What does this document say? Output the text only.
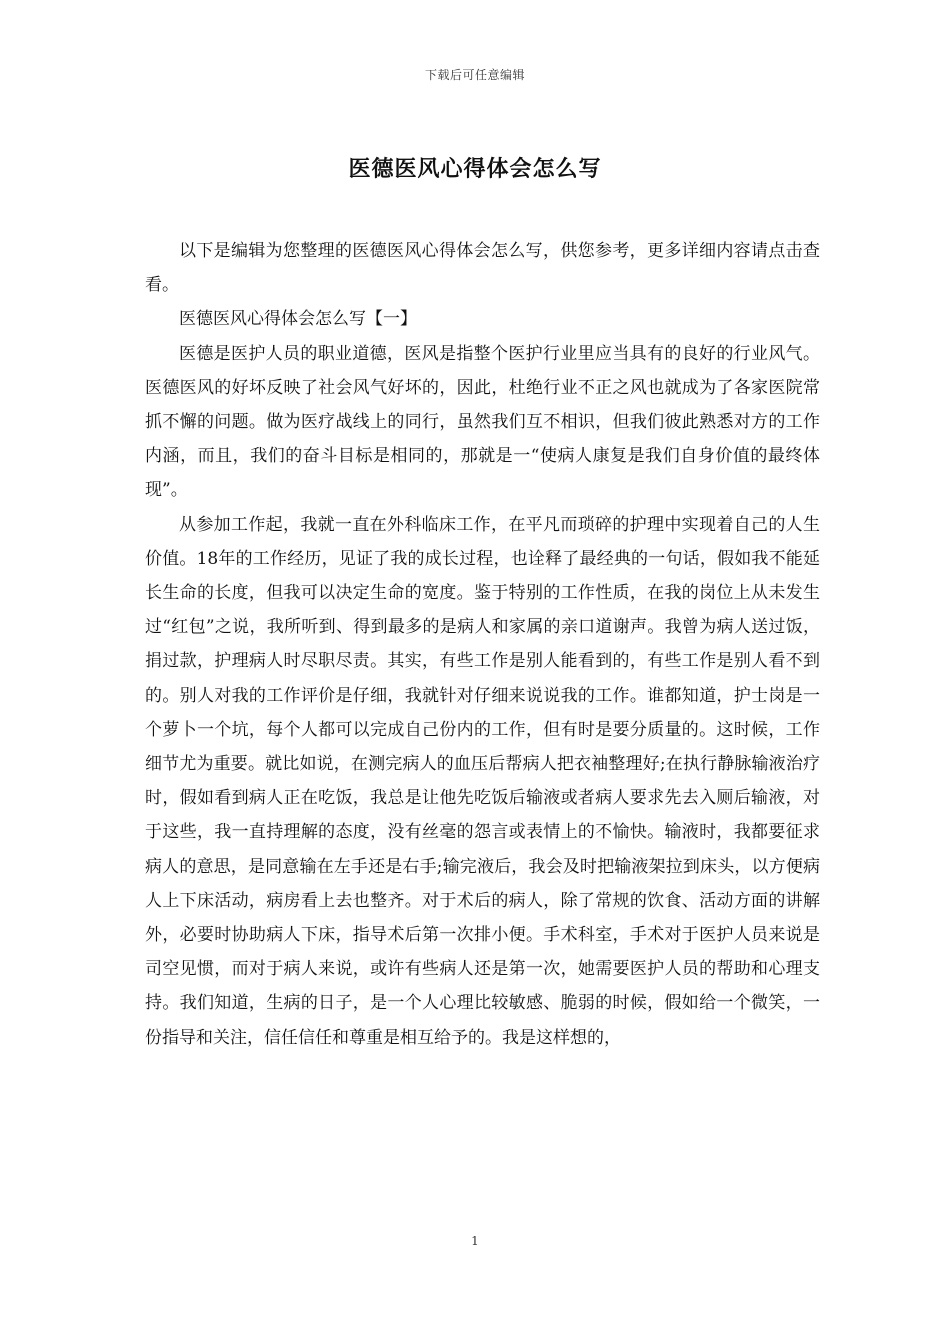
下载后可任意编辑
医德医风心得体会怎么写

以下是编辑为您整理的医德医风心得体会怎么写，供您参考，更多详细内容请点击查看。

医德医风心得体会怎么写【一】

医德是医护人员的职业道德，医风是指整个医护行业里应当具有的良好的行业风气。医德医风的好坏反映了社会风气好坏的，因此，杜绝行业不正之风也就成为了各家医院常抓不懈的问题。做为医疗战线上的同行，虽然我们互不相识，但我们彼此熟悉对方的工作内涵，而且，我们的奋斗目标是相同的，那就是一“使病人康复是我们自身价值的最终体现”。

从参加工作起，我就一直在外科临床工作，在平凡而琐碎的护理中实现着自己的人生价值。18年的工作经历，见证了我的成长过程，也诠释了最经典的一句话，假如我不能延长生命的长度，但我可以决定生命的宽度。鉴于特别的工作性质，在我的岗位上从未发生过“红包”之说，我所听到、得到最多的是病人和家属的亲口道谢声。我曾为病人送过饭，捐过款，护理病人时尽职尽责。其实，有些工作是别人能看到的，有些工作是别人看不到的。别人对我的工作评价是仔细，我就针对仔细来说说我的工作。谁都知道，护士岗是一个萝卜一个坑，每个人都可以完成自己份内的工作，但有时是要分质量的。这时候，工作细节尤为重要。就比如说，在测完病人的血压后帮病人把衣袖整理好;在执行静脉输液治疗时，假如看到病人正在吃饭，我总是让他先吃饭后输液或者病人要求先去入厕后输液，对于这些，我一直持理解的态度，没有丝毫的怨言或表情上的不愉快。输液时，我都要征求病人的意思，是同意输在左手还是右手;输完液后，我会及时把输液架拉到床头，以方便病人上下床活动，病房看上去也整齐。对于术后的病人，除了常规的饮食、活动方面的讲解外，必要时协助病人下床，指导术后第一次排小便。手术科室，手术对于医护人员来说是司空见惯，而对于病人来说，或许有些病人还是第一次，她需要医护人员的帮助和心理支持。我们知道，生病的日子，是一个人心理比较敏感、脆弱的时候，假如给一个微笑，一份指导和关注，信任信任和尊重是相互给予的。我是这样想的，

1
